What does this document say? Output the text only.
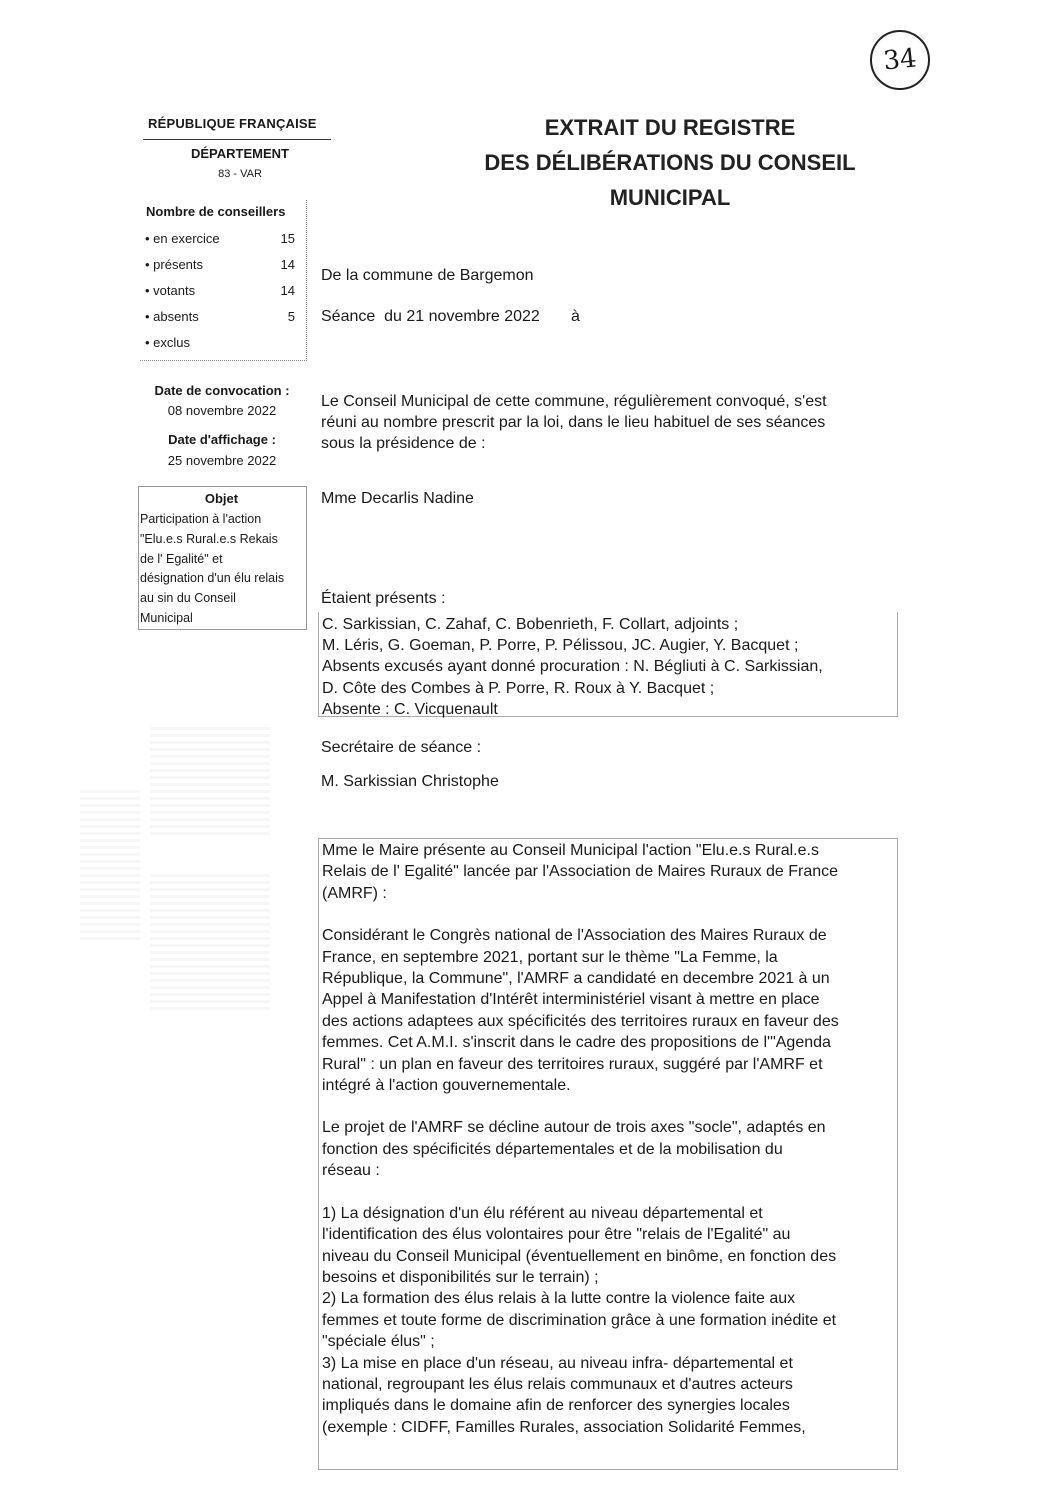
34
RÉPUBLIQUE FRANÇAISE
DÉPARTEMENT
83 - VAR
EXTRAIT DU REGISTRE
DES DÉLIBÉRATIONS DU CONSEIL
MUNICIPAL
Nombre de conseillers
• en exercice	15
• présents	14
• votants	14
• absents	5
• exclus
Date de convocation :
08 novembre 2022
Date d'affichage :
25 novembre 2022
Objet
Participation à l'action
"Elu.e.s Rural.e.s Rekais
de l' Egalité" et
désignation d'un élu relais
au sin du Conseil
Municipal
De la commune de Bargemon
Séance  du 21 novembre 2022       à
Le Conseil Municipal de cette commune, régulièrement convoqué, s'est
réuni au nombre prescrit par la loi, dans le lieu habituel de ses séances
sous la présidence de :
Mme Decarlis Nadine
Étaient présents :
C. Sarkissian, C. Zahaf, C. Bobenrieth, F. Collart, adjoints ;
M. Léris, G. Goeman, P. Porre, P. Pélissou, JC. Augier, Y. Bacquet ;
Absents excusés ayant donné procuration : N. Bégliuti à C. Sarkissian,
D. Côte des Combes à P. Porre, R. Roux à Y. Bacquet ;
Absente : C. Vicquenault
Secrétaire de séance :
M. Sarkissian Christophe

Mme le Maire présente au Conseil Municipal l'action "Elu.e.s Rural.e.s

Relais de l' Egalité" lancée par l'Association de Maires Ruraux de France

(AMRF) :

Considérant le Congrès national de l'Association des Maires Ruraux de

France, en septembre 2021, portant sur le thème "La Femme, la

République, la Commune", l'AMRF a candidaté en decembre 2021 à un

Appel à Manifestation d'Intérêt interministériel visant à mettre en place

des actions adaptees aux spécificités des territoires ruraux en faveur des

femmes. Cet A.M.I. s'inscrit dans le cadre des propositions de l'"Agenda

Rural" : un plan en faveur des territoires ruraux, suggéré par l'AMRF et

intégré à l'action gouvernementale.

Le projet de l'AMRF se décline autour de trois axes "socle", adaptés en

fonction des spécificités départementales et de la mobilisation du

réseau :

1) La désignation d'un élu référent au niveau départemental et

l'identification des élus volontaires pour être "relais de l'Egalité" au

niveau du Conseil Municipal (éventuellement en binôme, en fonction des

besoins et disponibilités sur le terrain) ;

2) La formation des élus relais à la lutte contre la violence faite aux

femmes et toute forme de discrimination grâce à une formation inédite et

"spéciale élus" ;

3) La mise en place d'un réseau, au niveau infra- départemental et

national, regroupant les élus relais communaux et d'autres acteurs

impliqués dans le domaine afin de renforcer des synergies locales

(exemple : CIDFF, Familles Rurales, association Solidarité Femmes,
